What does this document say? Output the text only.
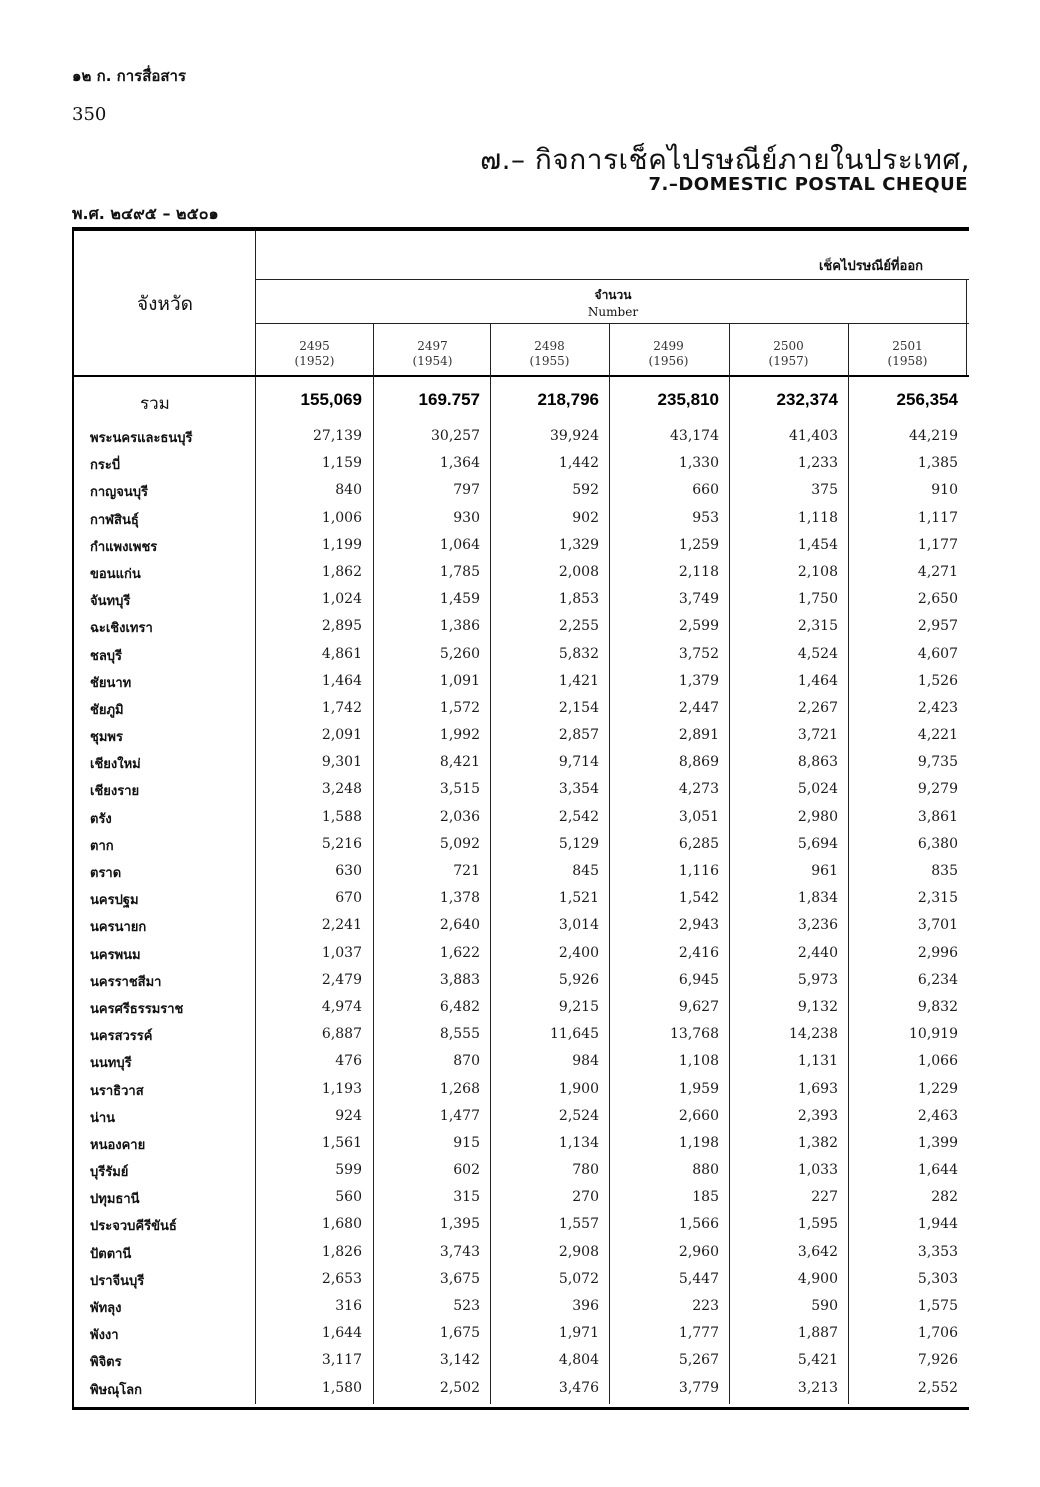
๑๒ ก. การสื่อสาร
350
๗.– กิจการเช็คไปรษณีย์ภายในประเทศ,
7.–DOMESTIC POSTAL CHEQUE
พ.ศ. ๒๔๙๕ – ๒๕๐๑
จังหวัด
เช็คไปรษณีย์ที่ออก
จำนวน
Number
2495
(1952)
2497
(1954)
2498
(1955)
2499
(1956)
2500
(1957)
2501
(1958)
รวม	155,069	169.757	218,796	235,810	232,374	256,354
พระนครและธนบุรี	27,139	30,257	39,924	43,174	41,403	44,219
กระบี่	1,159	1,364	1,442	1,330	1,233	1,385
กาญจนบุรี	840	797	592	660	375	910
กาฬสินธุ์	1,006	930	902	953	1,118	1,117
กำแพงเพชร	1,199	1,064	1,329	1,259	1,454	1,177
ขอนแก่น	1,862	1,785	2,008	2,118	2,108	4,271
จันทบุรี	1,024	1,459	1,853	3,749	1,750	2,650
ฉะเชิงเทรา	2,895	1,386	2,255	2,599	2,315	2,957
ชลบุรี	4,861	5,260	5,832	3,752	4,524	4,607
ชัยนาท	1,464	1,091	1,421	1,379	1,464	1,526
ชัยภูมิ	1,742	1,572	2,154	2,447	2,267	2,423
ชุมพร	2,091	1,992	2,857	2,891	3,721	4,221
เชียงใหม่	9,301	8,421	9,714	8,869	8,863	9,735
เชียงราย	3,248	3,515	3,354	4,273	5,024	9,279
ตรัง	1,588	2,036	2,542	3,051	2,980	3,861
ตาก	5,216	5,092	5,129	6,285	5,694	6,380
ตราด	630	721	845	1,116	961	835
นครปฐม	670	1,378	1,521	1,542	1,834	2,315
นครนายก	2,241	2,640	3,014	2,943	3,236	3,701
นครพนม	1,037	1,622	2,400	2,416	2,440	2,996
นครราชสีมา	2,479	3,883	5,926	6,945	5,973	6,234
นครศรีธรรมราช	4,974	6,482	9,215	9,627	9,132	9,832
นครสวรรค์	6,887	8,555	11,645	13,768	14,238	10,919
นนทบุรี	476	870	984	1,108	1,131	1,066
นราธิวาส	1,193	1,268	1,900	1,959	1,693	1,229
น่าน	924	1,477	2,524	2,660	2,393	2,463
หนองคาย	1,561	915	1,134	1,198	1,382	1,399
บุรีรัมย์	599	602	780	880	1,033	1,644
ปทุมธานี	560	315	270	185	227	282
ประจวบคีรีขันธ์	1,680	1,395	1,557	1,566	1,595	1,944
ปัตตานี	1,826	3,743	2,908	2,960	3,642	3,353
ปราจีนบุรี	2,653	3,675	5,072	5,447	4,900	5,303
พัทลุง	316	523	396	223	590	1,575
พังงา	1,644	1,675	1,971	1,777	1,887	1,706
พิจิตร	3,117	3,142	4,804	5,267	5,421	7,926
พิษณุโลก	1,580	2,502	3,476	3,779	3,213	2,552
